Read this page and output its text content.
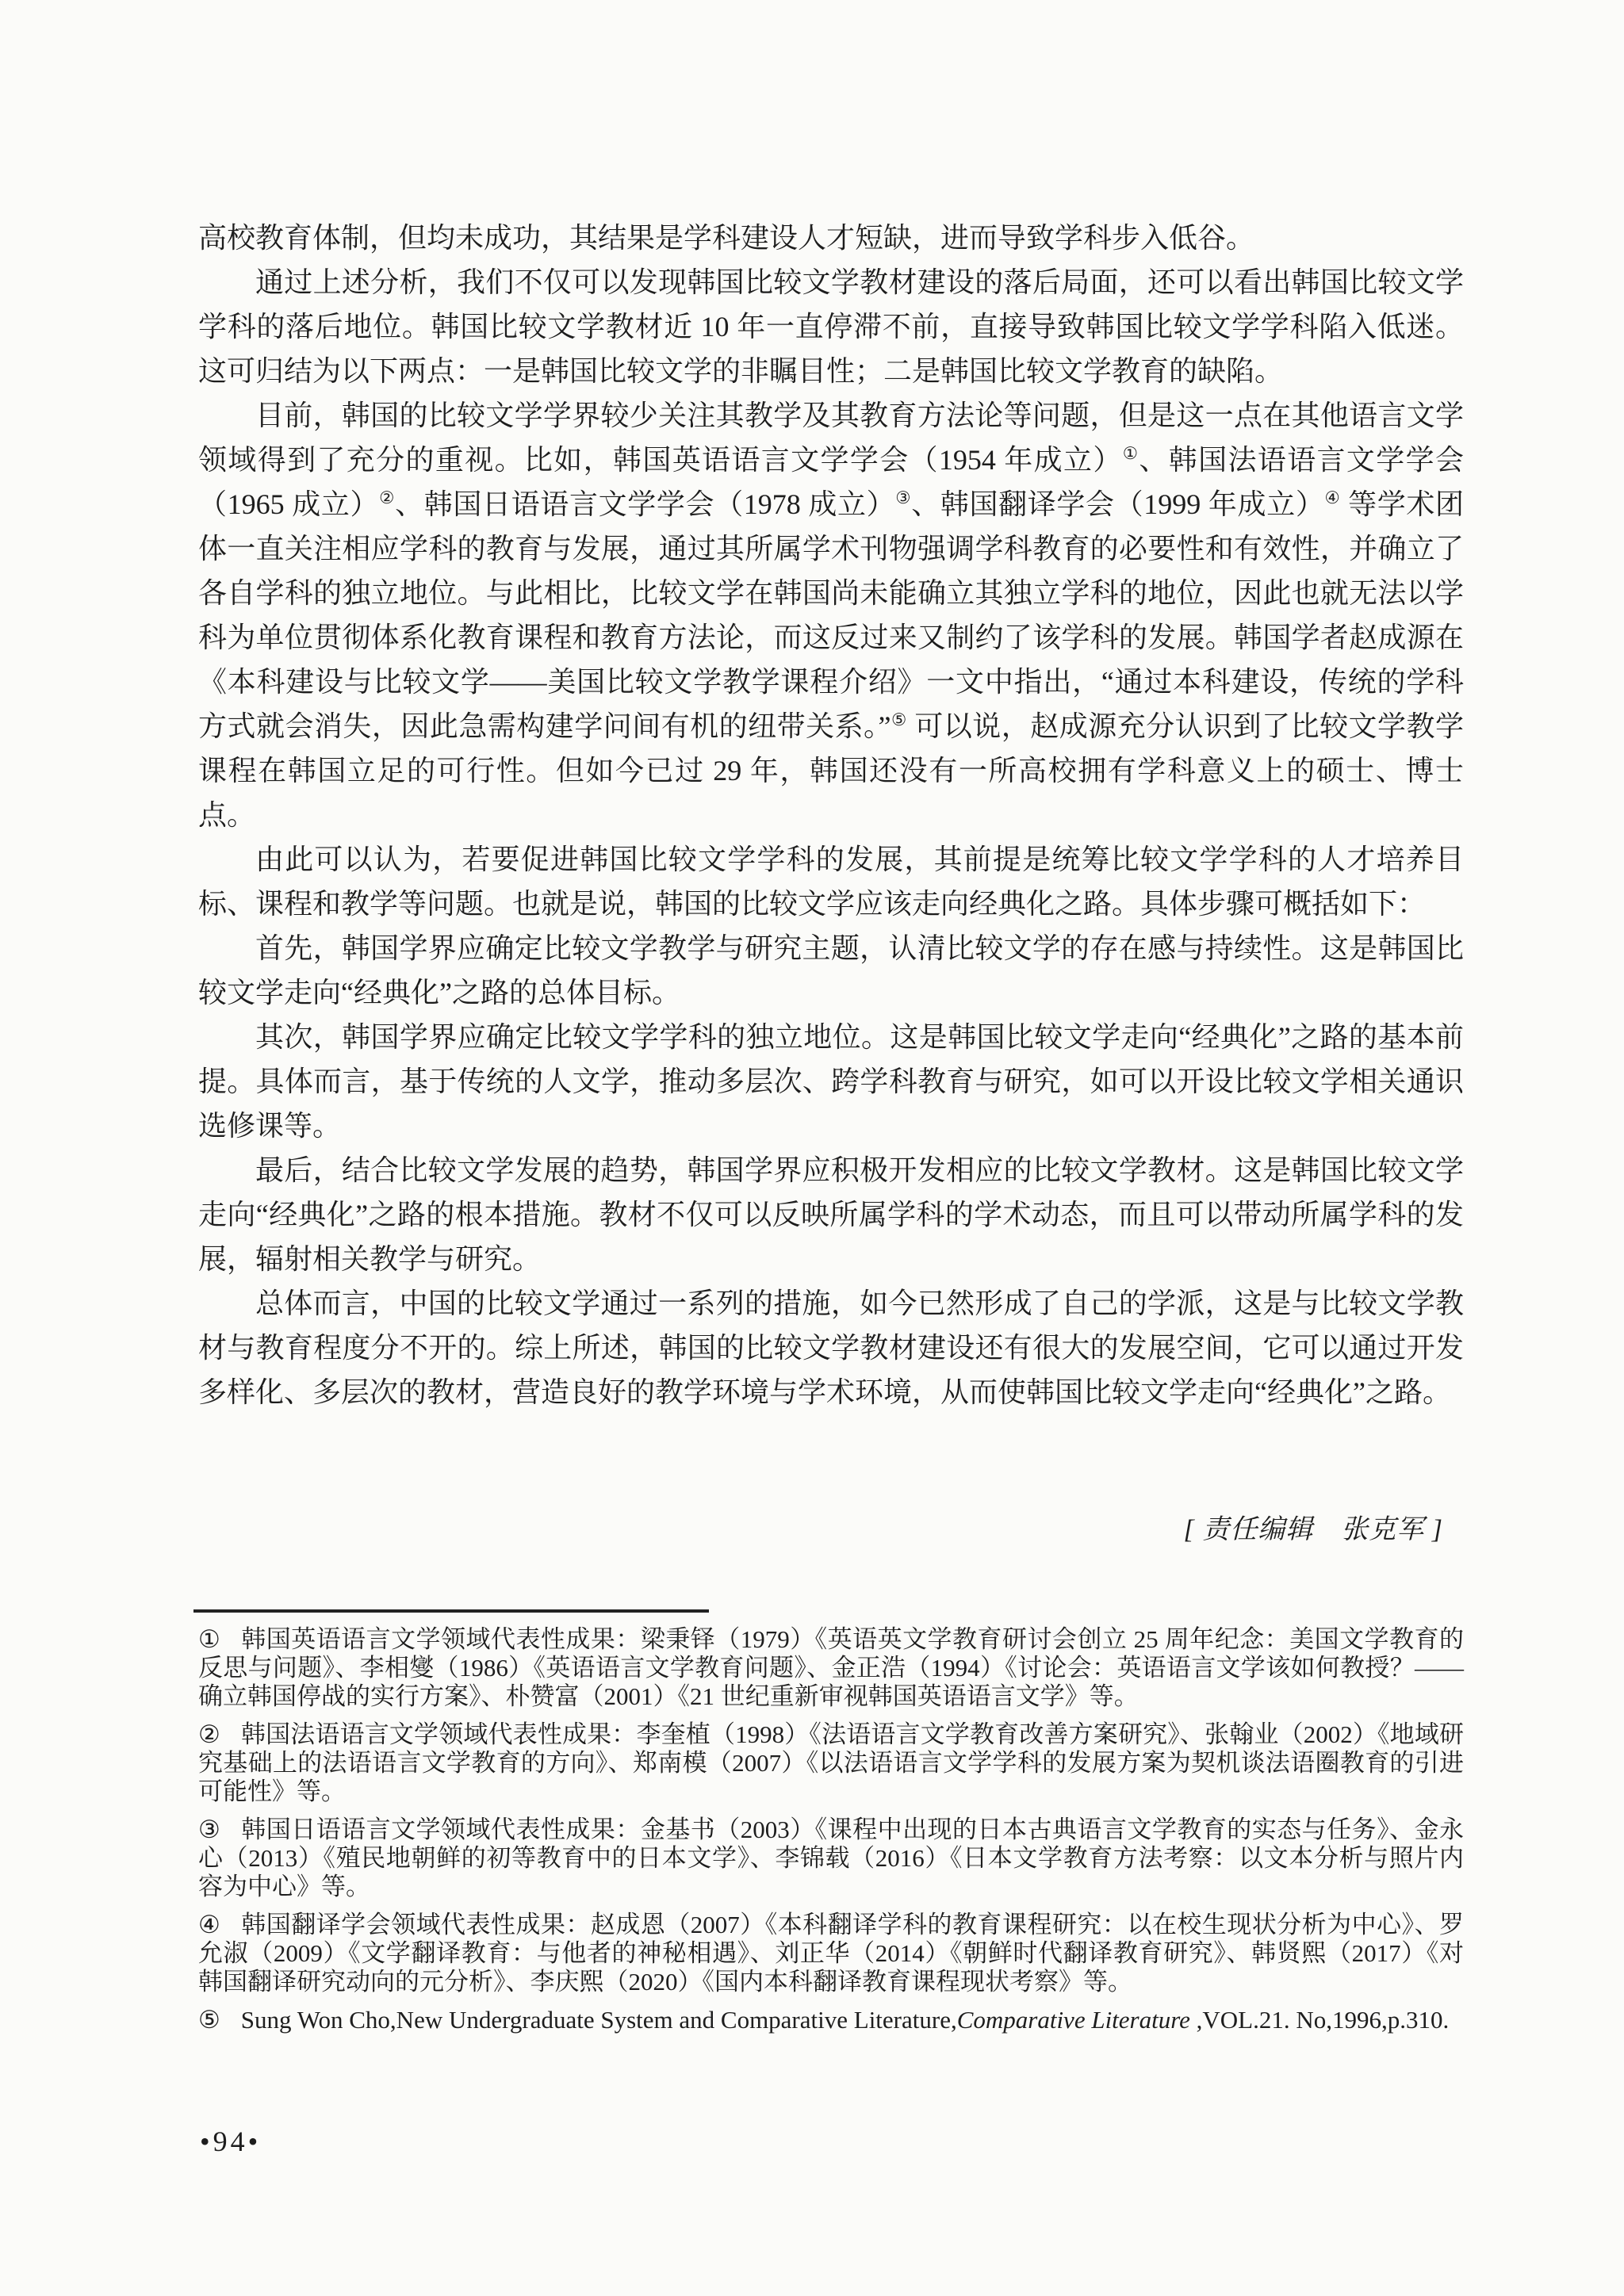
高校教育体制，但均未成功，其结果是学科建设人才短缺，进而导致学科步入低谷。

通过上述分析，我们不仅可以发现韩国比较文学教材建设的落后局面，还可以看出韩国比较文学学科的落后地位。韩国比较文学教材近 10 年一直停滞不前，直接导致韩国比较文学学科陷入低迷。这可归结为以下两点：一是韩国比较文学的非瞩目性；二是韩国比较文学教育的缺陷。

目前，韩国的比较文学学界较少关注其教学及其教育方法论等问题，但是这一点在其他语言文学领域得到了充分的重视。比如，韩国英语语言文学学会（1954 年成立）①、韩国法语语言文学学会（1965 成立）②、韩国日语语言文学学会（1978 成立）③、韩国翻译学会（1999 年成立）④ 等学术团体一直关注相应学科的教育与发展，通过其所属学术刊物强调学科教育的必要性和有效性，并确立了各自学科的独立地位。与此相比，比较文学在韩国尚未能确立其独立学科的地位，因此也就无法以学科为单位贯彻体系化教育课程和教育方法论，而这反过来又制约了该学科的发展。韩国学者赵成源在《本科建设与比较文学——美国比较文学教学课程介绍》一文中指出，“通过本科建设，传统的学科方式就会消失，因此急需构建学问间有机的纽带关系。”⑤ 可以说，赵成源充分认识到了比较文学教学课程在韩国立足的可行性。但如今已过 29 年，韩国还没有一所高校拥有学科意义上的硕士、博士点。

由此可以认为，若要促进韩国比较文学学科的发展，其前提是统筹比较文学学科的人才培养目标、课程和教学等问题。也就是说，韩国的比较文学应该走向经典化之路。具体步骤可概括如下：

首先，韩国学界应确定比较文学教学与研究主题，认清比较文学的存在感与持续性。这是韩国比较文学走向“经典化”之路的总体目标。

其次，韩国学界应确定比较文学学科的独立地位。这是韩国比较文学走向“经典化”之路的基本前提。具体而言，基于传统的人文学，推动多层次、跨学科教育与研究，如可以开设比较文学相关通识选修课等。

最后，结合比较文学发展的趋势，韩国学界应积极开发相应的比较文学教材。这是韩国比较文学走向“经典化”之路的根本措施。教材不仅可以反映所属学科的学术动态，而且可以带动所属学科的发展，辐射相关教学与研究。

总体而言，中国的比较文学通过一系列的措施，如今已然形成了自己的学派，这是与比较文学教材与教育程度分不开的。综上所述，韩国的比较文学教材建设还有很大的发展空间，它可以通过开发多样化、多层次的教材，营造良好的教学环境与学术环境，从而使韩国比较文学走向“经典化”之路。

[ 责任编辑　张克军 ]
① 韩国英语语言文学领域代表性成果：梁秉铎（1979）《英语英文学教育研讨会创立 25 周年纪念：美国文学教育的反思与问题》、李相燮（1986）《英语语言文学教育问题》、金正浩（1994）《讨论会：英语语言文学该如何教授？——确立韩国停战的实行方案》、朴赞富（2001）《21 世纪重新审视韩国英语语言文学》等。
② 韩国法语语言文学领域代表性成果：李奎植（1998）《法语语言文学教育改善方案研究》、张翰业（2002）《地域研究基础上的法语语言文学教育的方向》、郑南模（2007）《以法语语言文学学科的发展方案为契机谈法语圈教育的引进可能性》等。
③ 韩国日语语言文学领域代表性成果：金基书（2003）《课程中出现的日本古典语言文学教育的实态与任务》、金永心（2013）《殖民地朝鲜的初等教育中的日本文学》、李锦载（2016）《日本文学教育方法考察：以文本分析与照片内容为中心》等。
④ 韩国翻译学会领域代表性成果：赵成恩（2007）《本科翻译学科的教育课程研究：以在校生现状分析为中心》、罗允淑（2009）《文学翻译教育：与他者的神秘相遇》、刘正华（2014）《朝鲜时代翻译教育研究》、韩贤熙（2017）《对韩国翻译研究动向的元分析》、李庆熙（2020）《国内本科翻译教育课程现状考察》等。
⑤ Sung Won Cho,New Undergraduate System and Comparative Literature,Comparative Literature ,VOL.21. No,1996,p.310.
•94•
